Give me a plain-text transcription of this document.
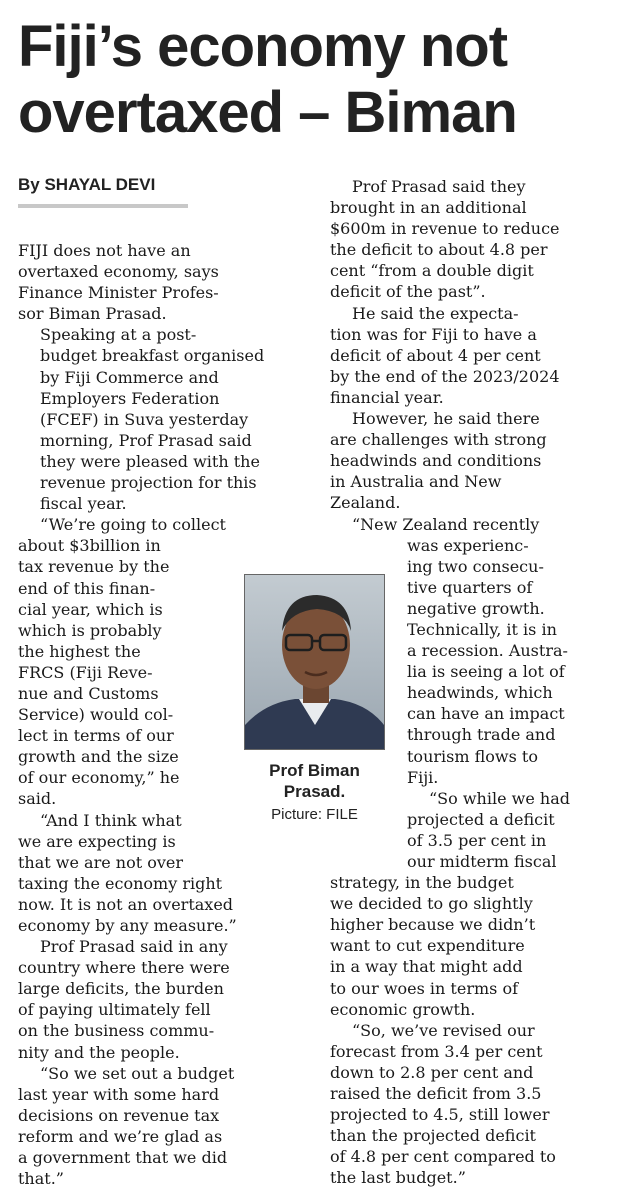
Fiji’s economy not
overtaxed – Biman
By SHAYAL DEVI

FIJI does not have an
overtaxed economy, says
Finance Minister Profes-
sor Biman Prasad.

Speaking at a post-
budget breakfast organised
by Fiji Commerce and
Employers Federation
(FCEF) in Suva yesterday
morning, Prof Prasad said
they were pleased with the
revenue projection for this
fiscal year.

“We’re going to collect
about $3billion in
tax revenue by the
end of this finan-
cial year, which is
which is probably
the highest the
FRCS (Fiji Reve-
nue and Customs
Service) would col-
lect in terms of our
growth and the size
of our economy,” he
said.

“And I think what
we are expecting is
that we are not over
taxing the economy right
now. It is not an overtaxed
economy by any measure.”

Prof Prasad said in any
country where there were
large deficits, the burden
of paying ultimately fell
on the business commu-
nity and the people.

“So we set out a budget
last year with some hard
decisions on revenue tax
reform and we’re glad as
a government that we did
that.”

Prof Prasad said they
brought in an additional
$600m in revenue to reduce
the deficit to about 4.8 per
cent “from a double digit
deficit of the past”.

He said the expecta-
tion was for Fiji to have a
deficit of about 4 per cent
by the end of the 2023/2024
financial year.

However, he said there
are challenges with strong
headwinds and conditions
in Australia and New
Zealand.

“New Zealand recently
was experienc-
ing two consecu-
tive quarters of
negative growth.
Technically, it is in
a recession. Austra-
lia is seeing a lot of
headwinds, which
can have an impact
through trade and
tourism flows to
Fiji.

“So while we had
projected a deficit
of 3.5 per cent in
our midterm fiscal
strategy, in the budget
we decided to go slightly
higher because we didn’t
want to cut expenditure
in a way that might add
to our woes in terms of
economic growth.

“So, we’ve revised our
forecast from 3.4 per cent
down to 2.8 per cent and
raised the deficit from 3.5
projected to 4.5, still lower
than the projected deficit
of 4.8 per cent compared to
the last budget.”

Prof Biman
Prasad.
Picture: FILE
